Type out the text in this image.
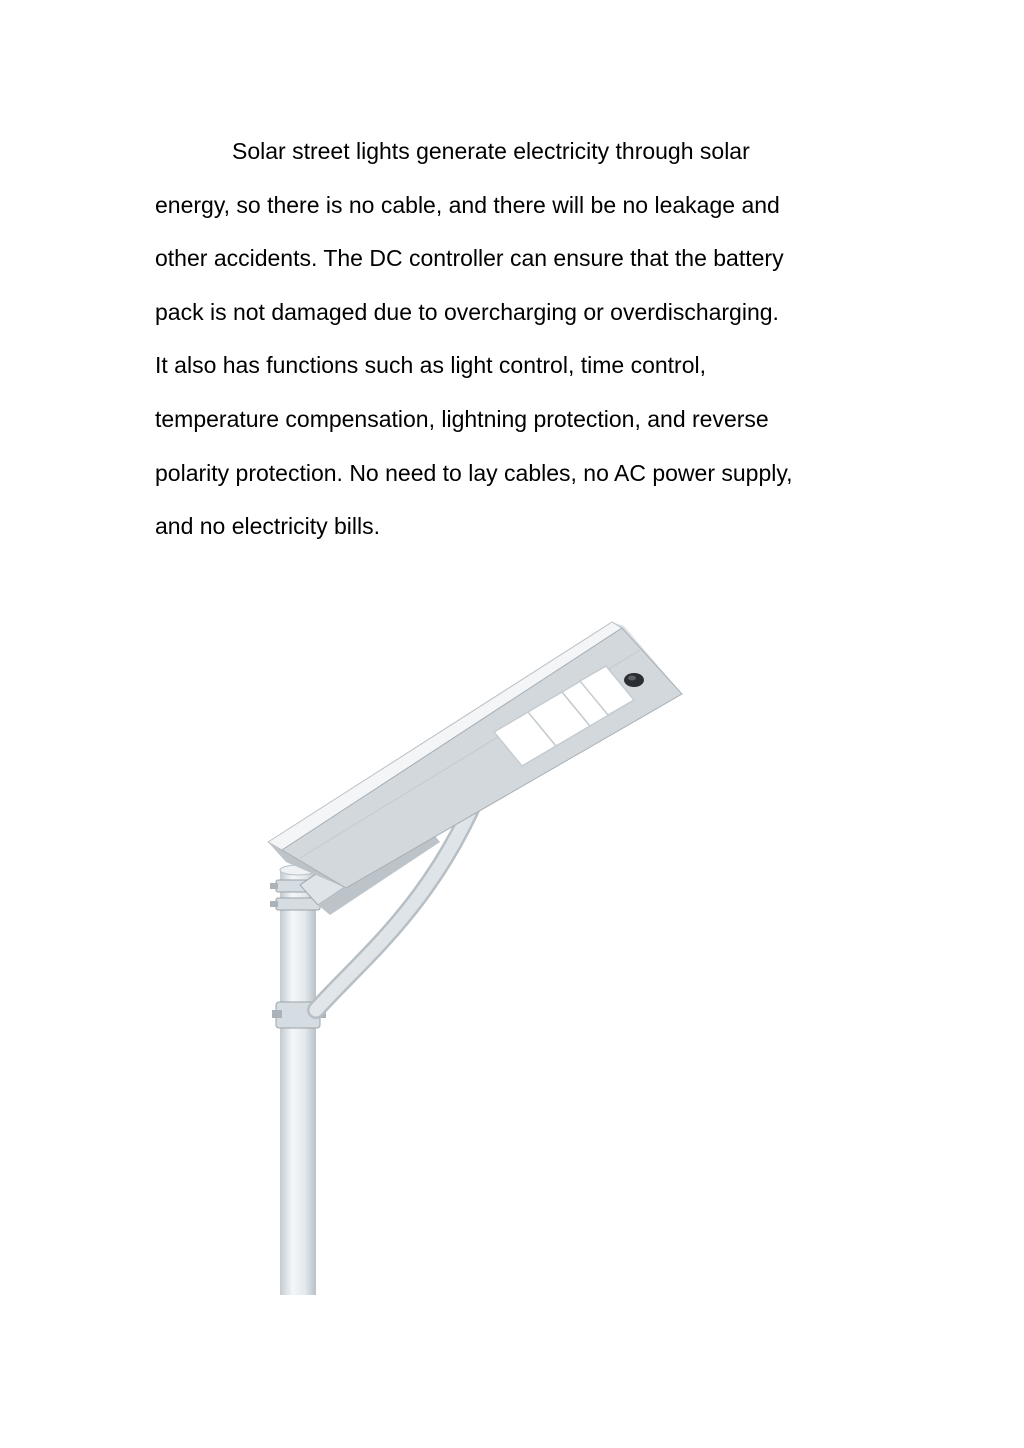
Solar street lights generate electricity through solar
energy, so there is no cable, and there will be no leakage and
other accidents. The DC controller can ensure that the battery
pack is not damaged due to overcharging or overdischarging.
It also has functions such as light control, time control,
temperature compensation, lightning protection, and reverse
polarity protection. No need to lay cables, no AC power supply,
and no electricity bills.
